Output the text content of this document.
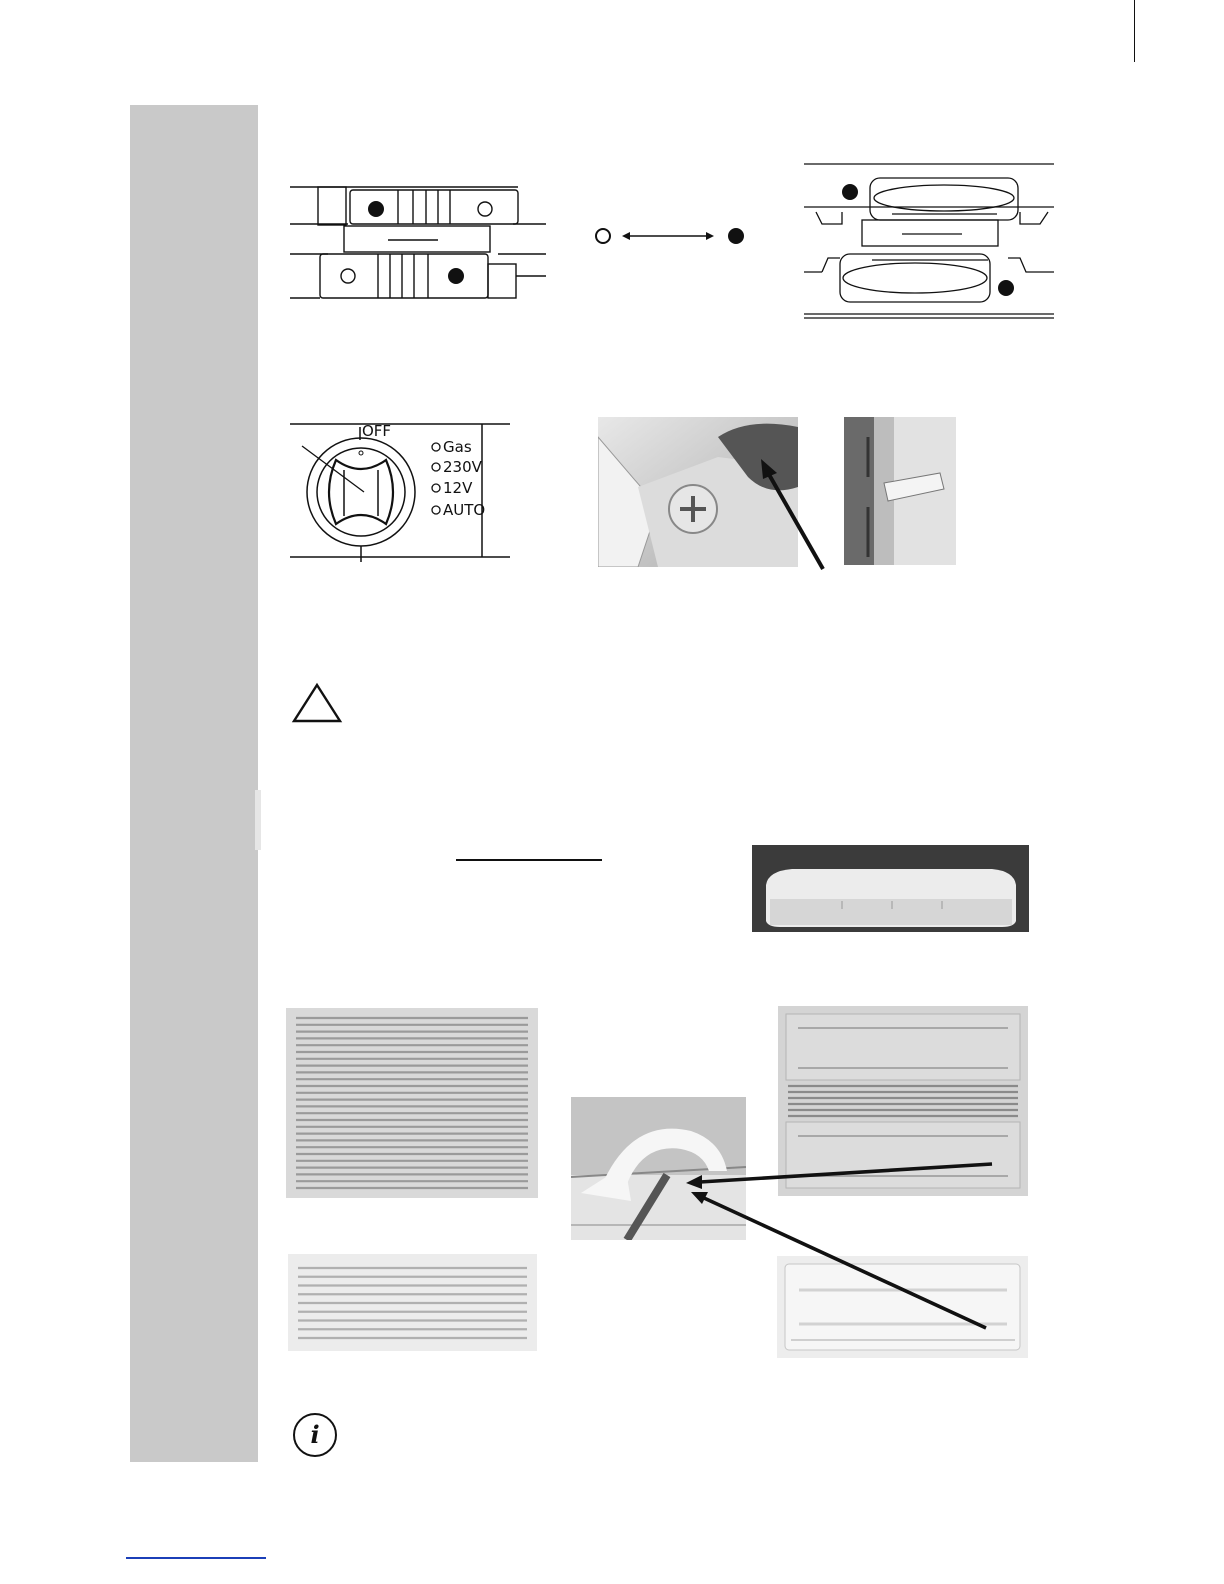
OFF
Gas
230V
12V
AUTO
i
